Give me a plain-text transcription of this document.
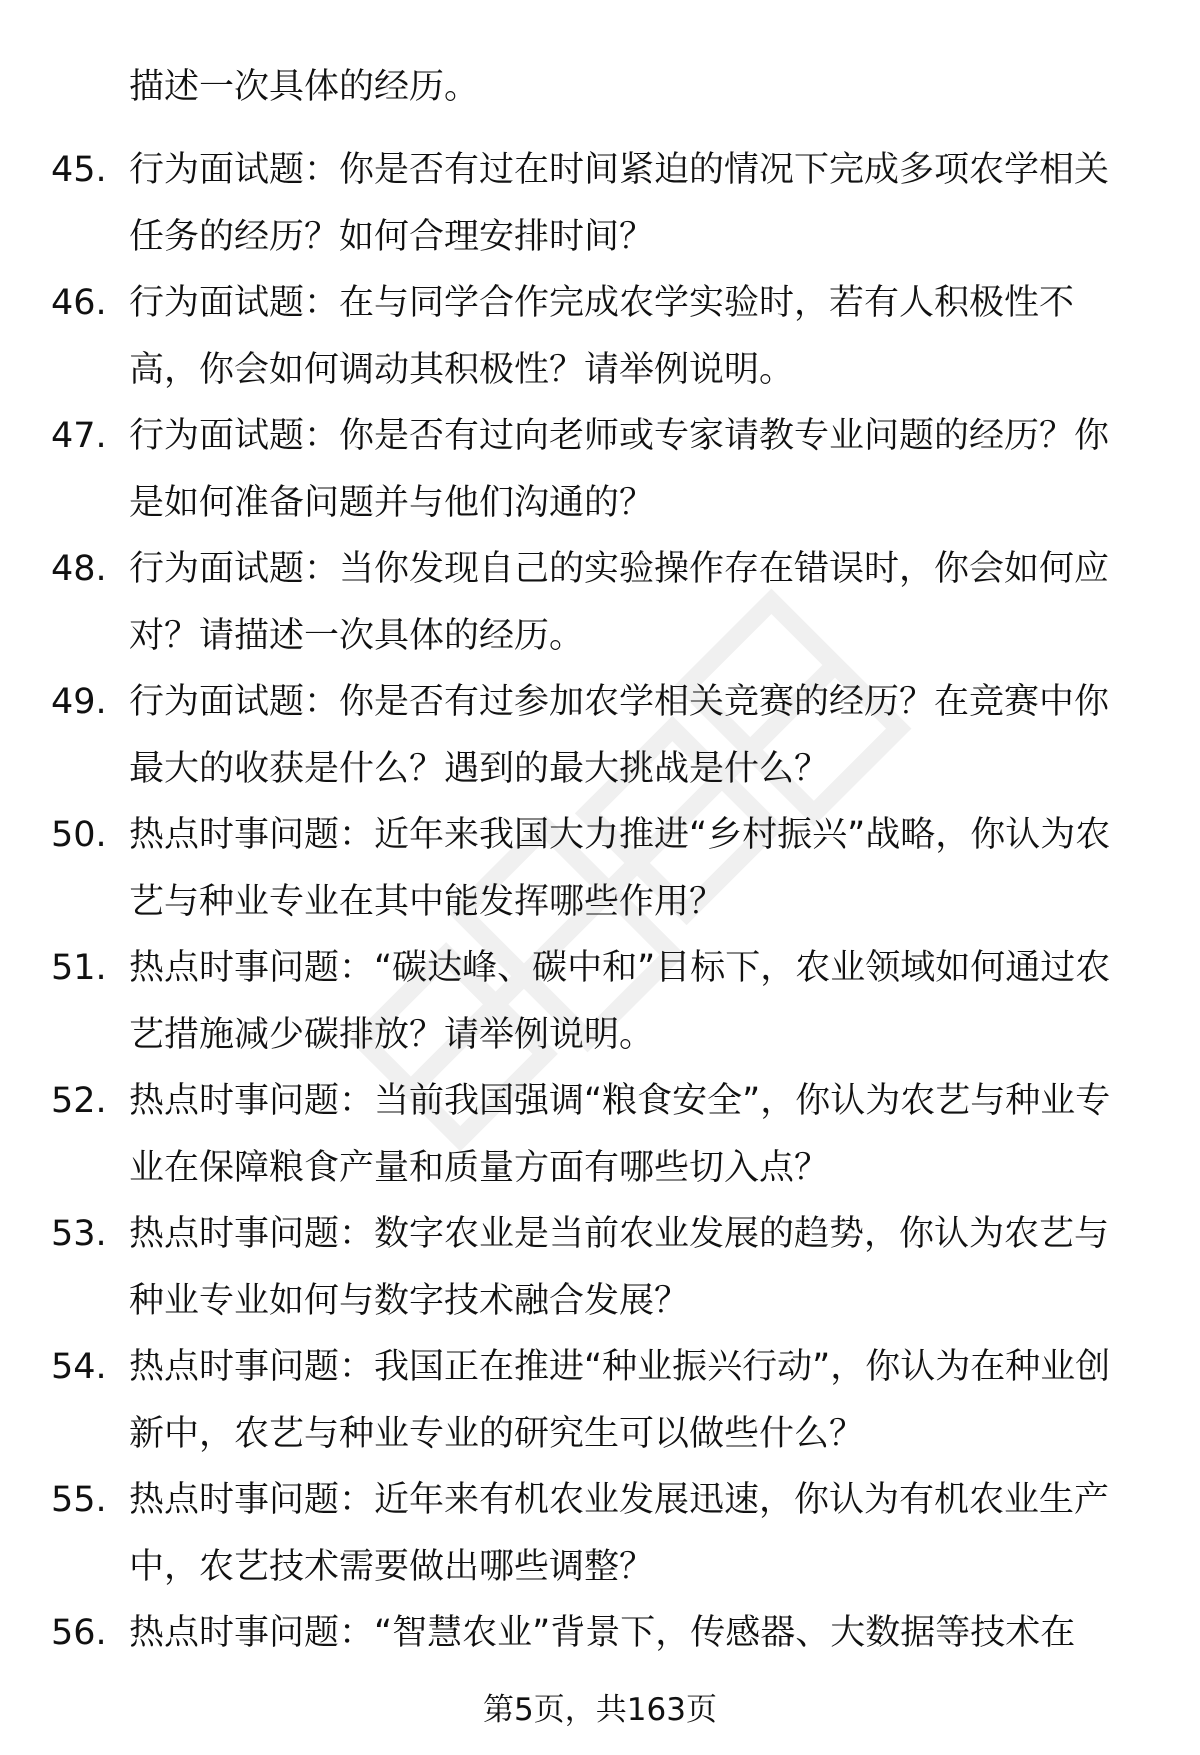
描述一次具体的经历。
45. 行为面试题：你是否有过在时间紧迫的情况下完成多项农学相关任务的经历？如何合理安排时间？
46. 行为面试题：在与同学合作完成农学实验时，若有人积极性不高，你会如何调动其积极性？请举例说明。
47. 行为面试题：你是否有过向老师或专家请教专业问题的经历？你是如何准备问题并与他们沟通的？
48. 行为面试题：当你发现自己的实验操作存在错误时，你会如何应对？请描述一次具体的经历。
49. 行为面试题：你是否有过参加农学相关竞赛的经历？在竞赛中你最大的收获是什么？遇到的最大挑战是什么？
50. 热点时事问题：近年来我国大力推进“乡村振兴”战略，你认为农艺与种业专业在其中能发挥哪些作用？
51. 热点时事问题：“碳达峰、碳中和”目标下，农业领域如何通过农艺措施减少碳排放？请举例说明。
52. 热点时事问题：当前我国强调“粮食安全”，你认为农艺与种业专业在保障粮食产量和质量方面有哪些切入点？
53. 热点时事问题：数字农业是当前农业发展的趋势，你认为农艺与种业专业如何与数字技术融合发展？
54. 热点时事问题：我国正在推进“种业振兴行动”，你认为在种业创新中，农艺与种业专业的研究生可以做些什么？
55. 热点时事问题：近年来有机农业发展迅速，你认为有机农业生产中，农艺技术需要做出哪些调整？
56. 热点时事问题：“智慧农业”背景下，传感器、大数据等技术在
第5页，共163页
